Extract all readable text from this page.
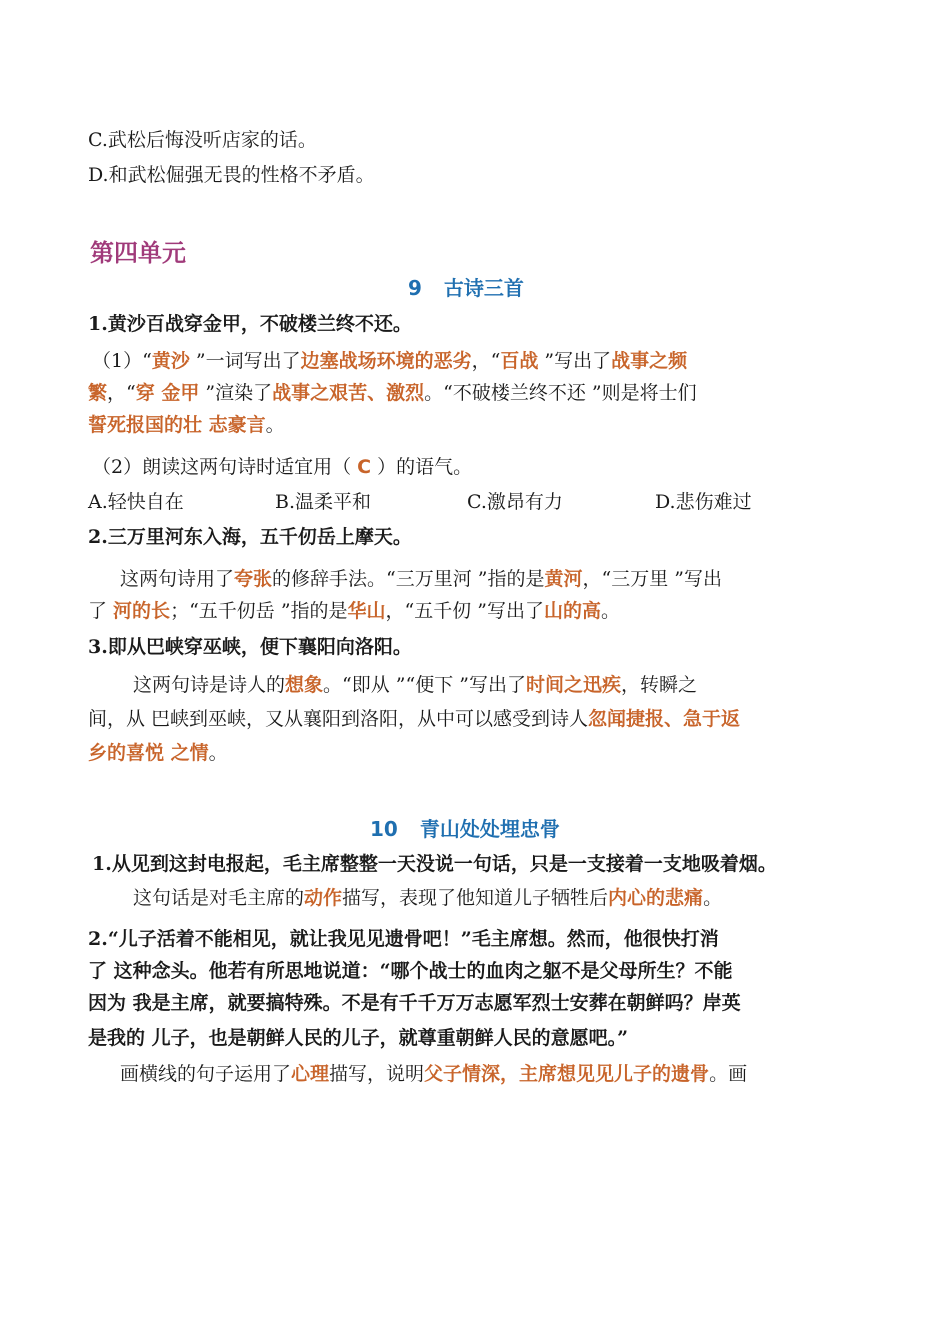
C.武松后悔没听店家的话。
D.和武松倔强无畏的性格不矛盾。
第四单元
9 古诗三首
1.黄沙百战穿金甲，不破楼兰终不还。
（1）“黄沙 ”一词写出了边塞战场环境的恶劣，“百战 ”写出了战事之频
繁，“穿 金甲 ”渲染了战事之艰苦、激烈。“不破楼兰终不还 ”则是将士们
誓死报国的壮 志豪言。
（2）朗读这两句诗时适宜用（ C ）的语气。
A.轻快自在	B.温柔平和	C.激昂有力	D.悲伤难过
2.三万里河东入海，五千仞岳上摩天。
这两句诗用了夸张的修辞手法。“三万里河 ”指的是黄河，“三万里 ”写出
了 河的长；“五千仞岳 ”指的是华山，“五千仞 ”写出了山的高。
3.即从巴峡穿巫峡，便下襄阳向洛阳。
这两句诗是诗人的想象。“即从 ”“便下 ”写出了时间之迅疾，转瞬之
间，从 巴峡到巫峡，又从襄阳到洛阳，从中可以感受到诗人忽闻捷报、急于返
乡的喜悦 之情。
10 青山处处埋忠骨
1.从见到这封电报起，毛主席整整一天没说一句话，只是一支接着一支地吸着烟。
这句话是对毛主席的动作描写，表现了他知道儿子牺牲后内心的悲痛。
2.“儿子活着不能相见，就让我见见遗骨吧！”毛主席想。然而，他很快打消
了 这种念头。他若有所思地说道：“哪个战士的血肉之躯不是父母所生？不能
因为 我是主席，就要搞特殊。不是有千千万万志愿军烈士安葬在朝鲜吗？岸英
是我的 儿子，也是朝鲜人民的儿子，就尊重朝鲜人民的意愿吧。”
画横线的句子运用了心理描写，说明父子情深，主席想见见儿子的遗骨。画
